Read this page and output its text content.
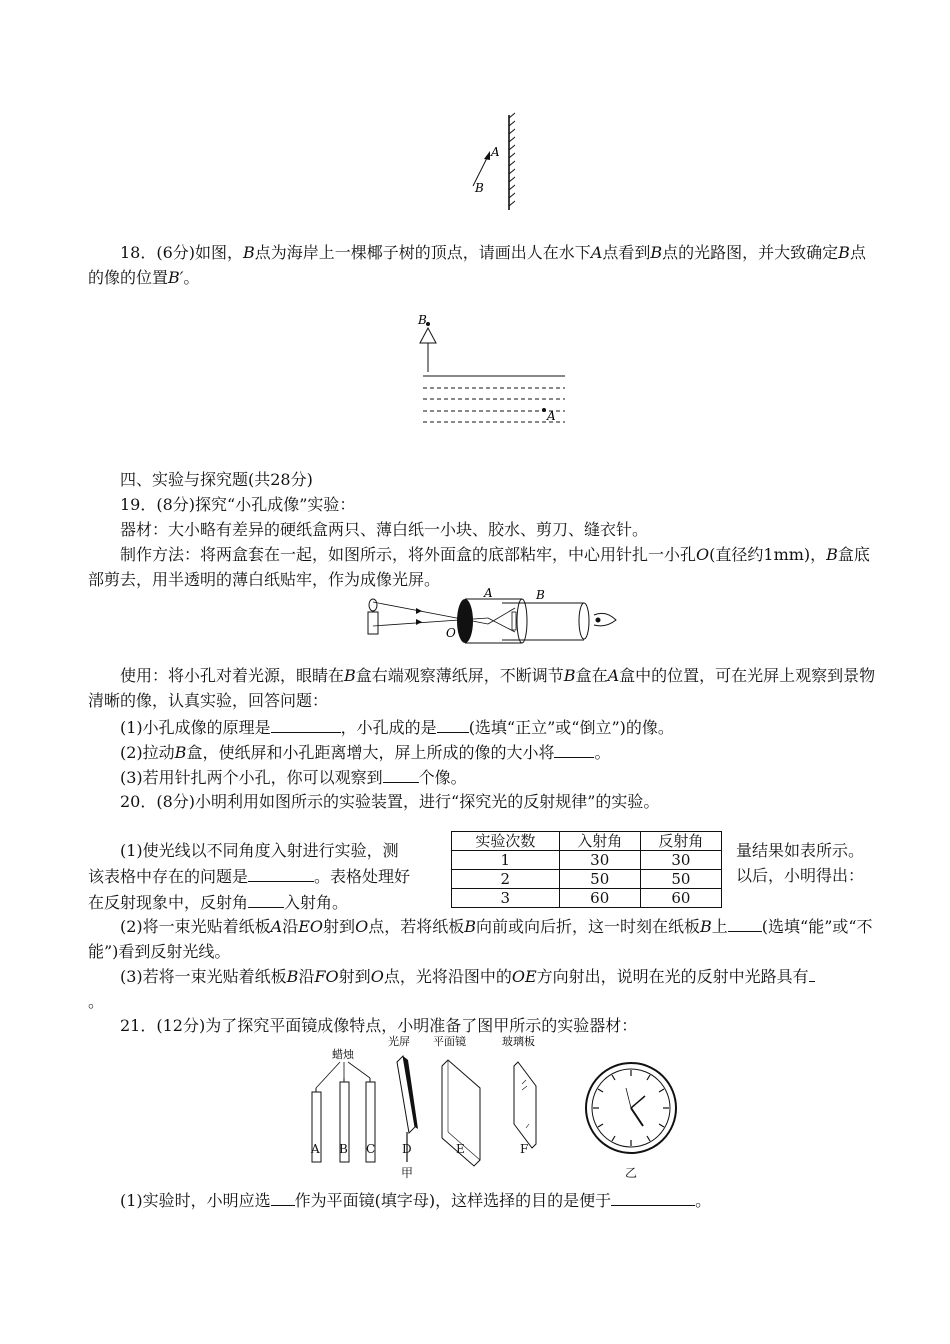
A
B

18．(6分)如图，B点为海岸上一棵椰子树的顶点，请画出人在水下A点看到B点的光路图，并大致确定B点的像的位置B′。

B
A

四、实验与探究题(共28分)

19．(8分)探究“小孔成像”实验：

器材：大小略有差异的硬纸盒两只、薄白纸一小块、胶水、剪刀、缝衣针。

制作方法：将两盒套在一起，如图所示，将外面盒的底部粘牢，中心用针扎一小孔O(直径约1mm)，B盒底部剪去，用半透明的薄白纸贴牢，作为成像光屏。

A	B
O

使用：将小孔对着光源，眼睛在B盒右端观察薄纸屏，不断调节B盒在A盒中的位置，可在光屏上观察到景物清晰的像，认真实验，回答问题：

(1)小孔成像的原理是	，小孔成的是 (选填“正立”或“倒立”)的像。

(2)拉动B盒，使纸屏和小孔距离增大，屏上所成的像的大小将	。

(3)若用针扎两个小孔，你可以观察到 个像。

20．(8分)小明利用如图所示的实验装置，进行“探究光的反射规律”的实验。

(1)使光线以不同角度入射进行实验，测
该表格中存在的问题是	。表格处理好
在反射现象中，反射角 入射角。
实验次数	入射角	反射角
1	30	30
2	50	50
3	60	60
量结果如表所示。
以后，小明得出：

(2)将一束光贴着纸板A沿EO射到O点，若将纸板B向前或向后折，这一时刻在纸板B上 (选填“能”或“不能”)看到反射光线。

(3)若将一束光贴着纸板B沿FO射到O点，光将沿图中的OE方向射出，说明在光的反射中光路具有
。

21．(12分)为了探究平面镜成像特点，小明准备了图甲所示的实验器材：

蜡烛
光屏 平面镜	玻璃板
A B C D	E	F
甲	乙

(1)实验时，小明应选 作为平面镜(填字母)，这样选择的目的是便于	。
